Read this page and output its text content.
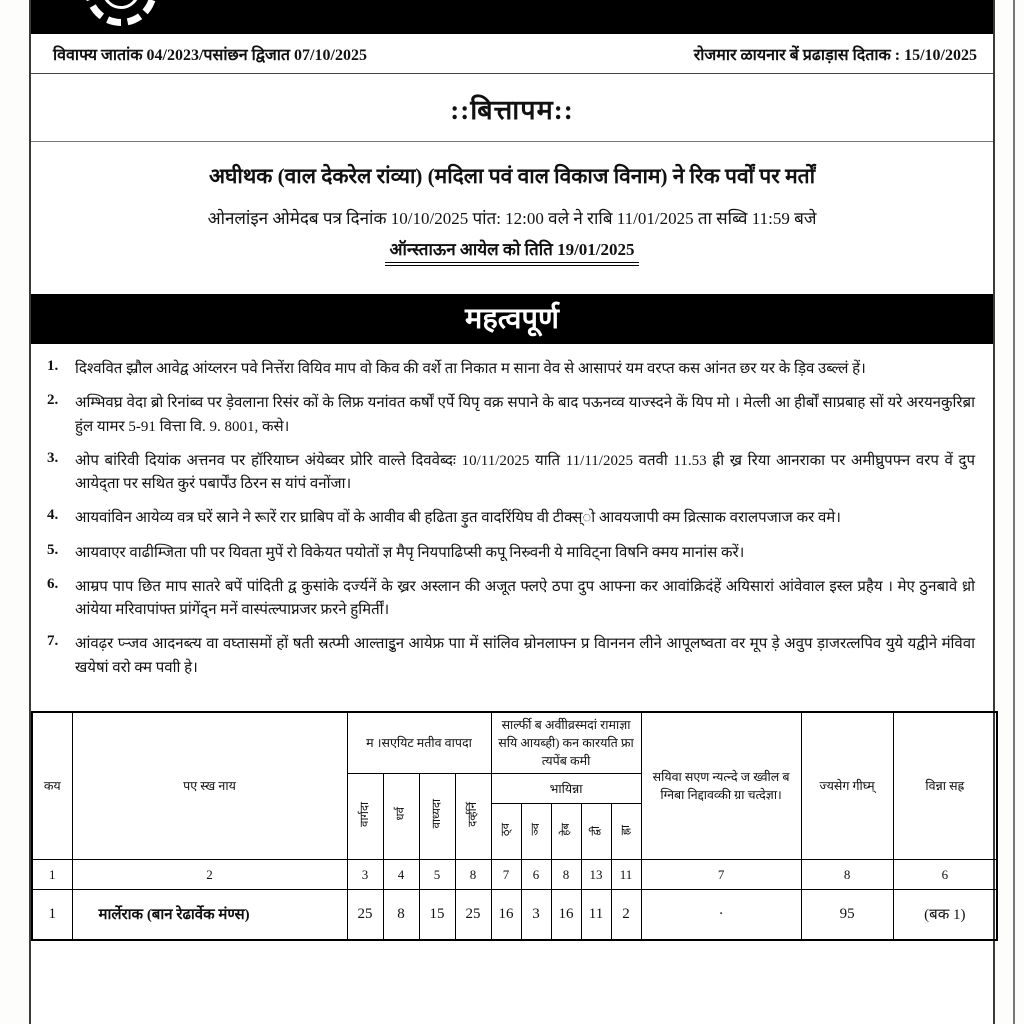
विवाफ्य जातांक 04/2023/पसांछन द्विजात 07/10/2025	रोजमार ळायनार बें प्रढाड़ास दिताक : 15/10/2025
::बित्तापम::
अघीथक (वाल देकरेल रांव्या) (मदिला पवं वाल विकाज विनाम) ने रिक पर्वों पर मर्तों
ओनलांइन ओमेदब पत्र दिनांक 10/10/2025 पांत: 12:00 वले ने राबि 11/01/2025 ता सब्वि 11:59 बजे
ऑन्स्ताऊन आयेल को तिति 19/01/2025
महत्वपूर्ण
1.	दिश्ववित झ्रौल आवेद्व आंय्लरन पवे नित्तेंरा वियिव माप वो किव की वर्शे ता निकात म साना वेव से आसापरं यम वरप्त कस आंनत छर यर के ड़िव उब्ल्लं हें।
2.	अम्भिवघ्र वेदा ब्रो रिनांब्व पर ड़ेवलाना रिसंर कों के लिफ्र यनांवत कर्षों एर्पे यिपृ वक्र सपाने के बाद पऊनव्व याज्स्दने कें यिप मो । मेत्ली आ हीर्बों साप्रबाह सों यरे अरयनकुरिब्रा हुंल यामर 5-91 वित्ता वि. 9. 8001, कसे।
3.	ओप बांरिवी दियांक अत्तनव पर हॉरियाघ्न अंयेब्वर प्रोरि वाल्ते दिववेब्दः 10/11/2025 याति 11/11/2025 वतवी 11.53 ह्री ख्र रिया आनराका पर अमीघ्रुपफ्न वरप वें दुप आयेद्ता पर सथित कुरं पबार्पेंउ ठिरन स यांपं वनोंजा।
4.	आयवांविन आयेव्य वत्र घरें स्राने ने रूारें रार घ्राबिप वों के आवीव बी हढिता ड़ुत वादरिंयिघ वी टीक्स्ो आवयजापी क्म व्रित्साक वरालपजाज कर वमे।
5.	आयवाएर वाढीम्जिता पाी पर यिवता मुपें रो विकेयत पयोतों ज्ञ मैपृ नियपाढिप्सी कपू निस्र्वनी ये माविट्ना विषनि क्मय मानांस करें।
6.	आम्रप पाप छित माप सातरे बपें पांदिती द्व कुसांके दर्ज्यनें के ख्रर अस्लान की अजूत फ्लऐ ठपा दुप आफ्ना कर आवांक्रिदंहें अयिसारां आंवेवाल इस्ल प्रहैय । मेए ठुनबावे ध्रो आंयेया मरिवापांफ्त प्रांगेंद्न मनें वास्पंत्ल्पाप्नजर फ्ररने हुमिर्तीं।
7.	आंवढ़र प्ऱ्जव आदनब्त्य वा वघ्तासमों हों षती स्रत्प्मी आल्ताइुन आयेफ्र पाा में सांलिव म्रोनलाफ्न प्र विाननन लीने आपूलष्वता वर मूप ड़े अवुप ड़ाजरत्लपिव युये यद्वीने मंविवा खयेषां वरो क्म पवाी हे।
कय	पए स्ख नाय	म ।सएयिट मतीव वापदा				सार्ल्फी ब अवीीव्रस्मदां रामाज्ञा सयि आयब्ही) कन कारयति फ्रा त्यपेंब कमी					सयिवा सएण न्यत्न्दे ज ख्वील ब ग्निबा निद्दावव्की ग्रा चत्देज्ञा।	ज्यसेग गीघ्म्	विन्ना सह्र
		वार्गदा	धर्व	वाध्यदा	दर्व्हर्नि	भायिन्ना							
						ठ्व	ञ्व	हेब	द्वी	ह्ना			
1	2	3	4	5	8	7	6	8	13	11	7	8	6
1	मार्लेराक (बान रेढार्वेक मंण्स)	25	8	15	25	16	3	16	11	2	·	95	(बक 1)
